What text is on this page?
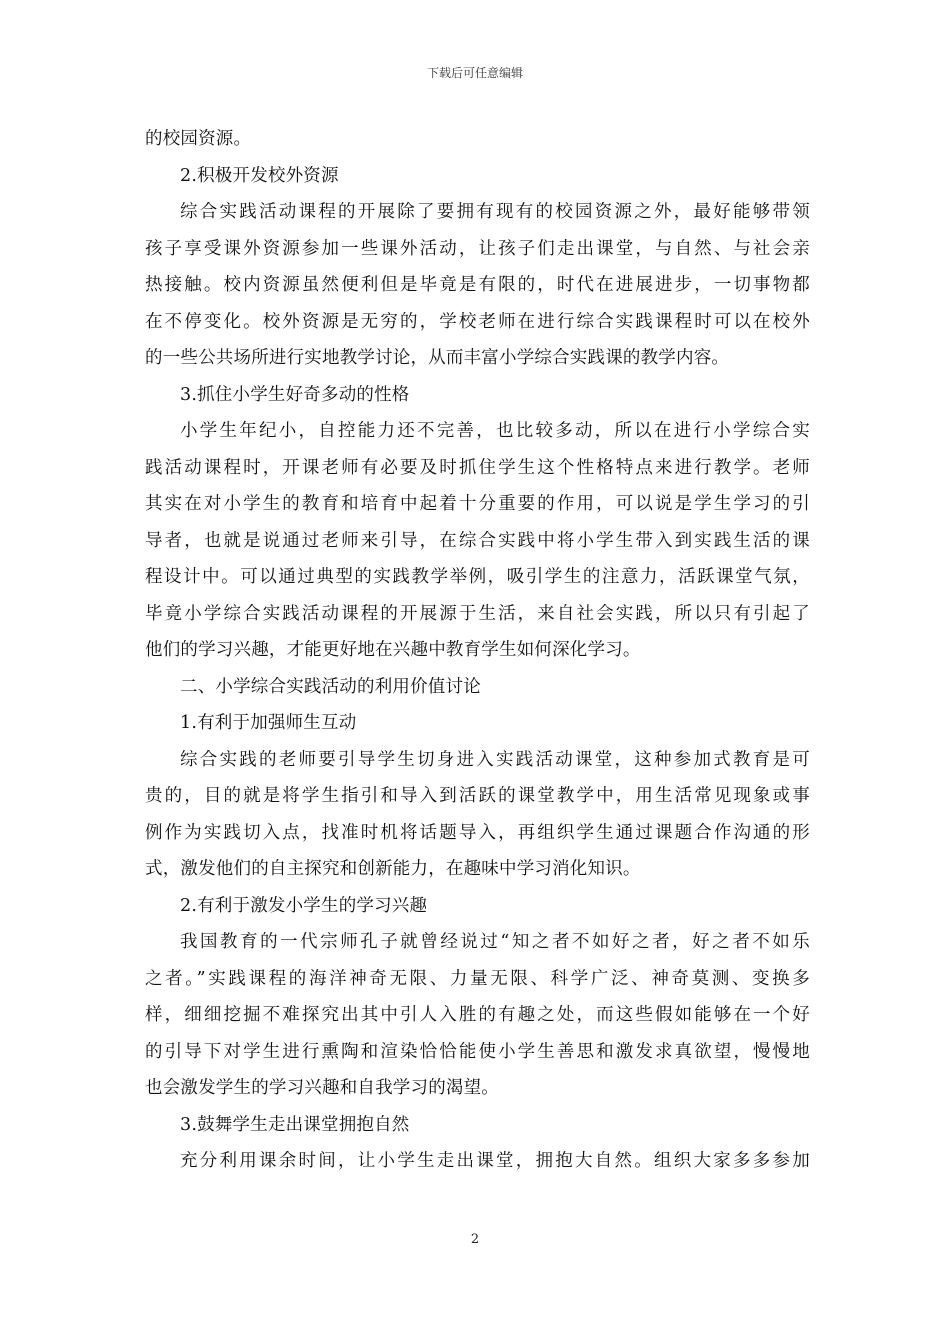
下载后可任意编辑
的校园资源。
2.积极开发校外资源
综合实践活动课程的开展除了要拥有现有的校园资源之外，最好能够带领
孩子享受课外资源参加一些课外活动，让孩子们走出课堂，与自然、与社会亲
热接触。校内资源虽然便利但是毕竟是有限的，时代在进展进步，一切事物都
在不停变化。校外资源是无穷的，学校老师在进行综合实践课程时可以在校外
的一些公共场所进行实地教学讨论，从而丰富小学综合实践课的教学内容。
3.抓住小学生好奇多动的性格
小学生年纪小，自控能力还不完善，也比较多动，所以在进行小学综合实
践活动课程时，开课老师有必要及时抓住学生这个性格特点来进行教学。老师
其实在对小学生的教育和培育中起着十分重要的作用，可以说是学生学习的引
导者，也就是说通过老师来引导，在综合实践中将小学生带入到实践生活的课
程设计中。可以通过典型的实践教学举例，吸引学生的注意力，活跃课堂气氛，
毕竟小学综合实践活动课程的开展源于生活，来自社会实践，所以只有引起了
他们的学习兴趣，才能更好地在兴趣中教育学生如何深化学习。
二、小学综合实践活动的利用价值讨论
1.有利于加强师生互动
综合实践的老师要引导学生切身进入实践活动课堂，这种参加式教育是可
贵的，目的就是将学生指引和导入到活跃的课堂教学中，用生活常见现象或事
例作为实践切入点，找准时机将话题导入，再组织学生通过课题合作沟通的形
式，激发他们的自主探究和创新能力，在趣味中学习消化知识。
2.有利于激发小学生的学习兴趣
我国教育的一代宗师孔子就曾经说过“知之者不如好之者，好之者不如乐
之者。”实践课程的海洋神奇无限、力量无限、科学广泛、神奇莫测、变换多
样，细细挖掘不难探究出其中引人入胜的有趣之处，而这些假如能够在一个好
的引导下对学生进行熏陶和渲染恰恰能使小学生善思和激发求真欲望，慢慢地
也会激发学生的学习兴趣和自我学习的渴望。
3.鼓舞学生走出课堂拥抱自然
充分利用课余时间，让小学生走出课堂，拥抱大自然。组织大家多多参加
2
